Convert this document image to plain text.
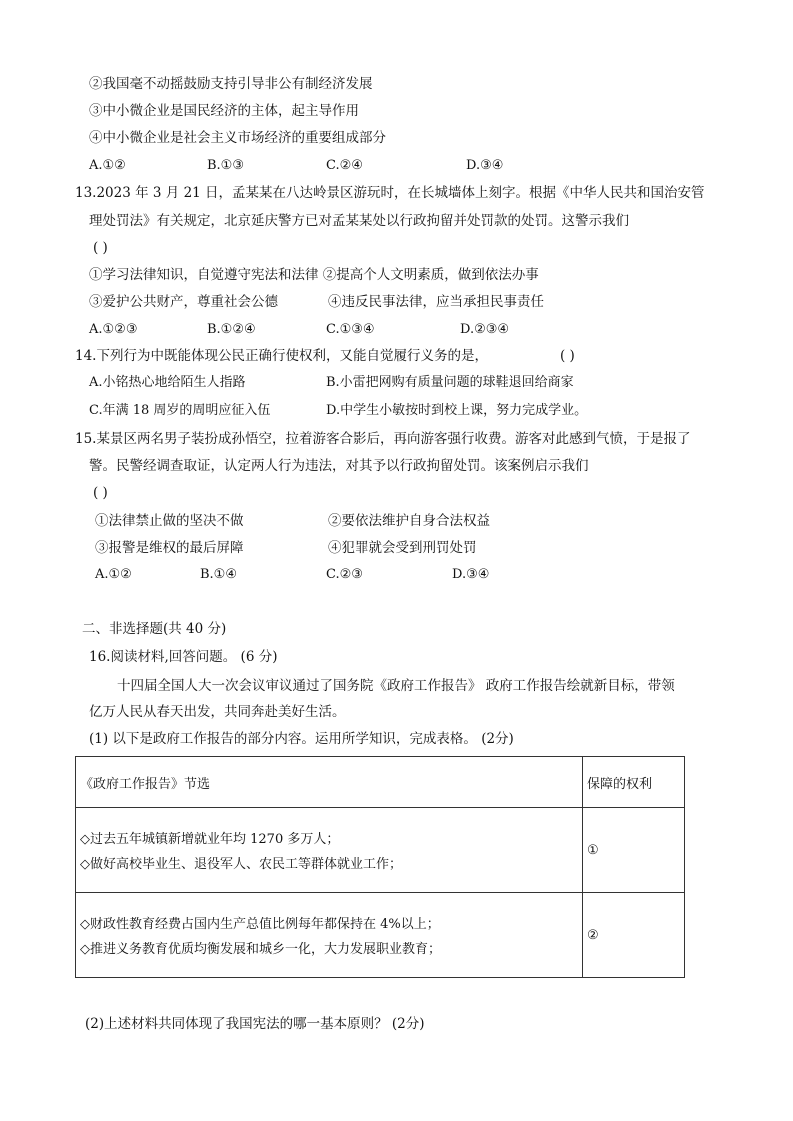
②我国毫不动摇鼓励支持引导非公有制经济发展
③中小微企业是国民经济的主体，起主导作用
④中小微企业是社会主义市场经济的重要组成部分
A.①②	B.①③	C.②④	D.③④
13.2023 年 3 月 21 日，孟某某在八达岭景区游玩时，在长城墙体上刻字。根据《中华人民共和国治安管
理处罚法》有关规定，北京延庆警方已对孟某某处以行政拘留并处罚款的处罚。这警示我们
( )
①学习法律知识，自觉遵守宪法和法律 ②提高个人文明素质，做到依法办事
③爱护公共财产，尊重社会公德	④违反民事法律，应当承担民事责任
A.①②③	B.①②④	C.①③④	D.②③④
14.下列行为中既能体现公民正确行使权利，又能自觉履行义务的是，	( )
A.小铭热心地给陌生人指路	B.小雷把网购有质量问题的球鞋退回给商家
C.年满 18 周岁的周明应征入伍	D.中学生小敏按时到校上课，努力完成学业。
15.某景区两名男子装扮成孙悟空，拉着游客合影后，再向游客强行收费。游客对此感到气愤，于是报了
警。民警经调查取证，认定两人行为违法，对其予以行政拘留处罚。该案例启示我们
( )
①法律禁止做的坚决不做	②要依法维护自身合法权益
③报警是维权的最后屏障	④犯罪就会受到刑罚处罚
A.①②	B.①④	C.②③	D.③④
二、非选择题(共 40 分)
16.阅读材料,回答问题。 (6 分)
十四届全国人大一次会议审议通过了国务院《政府工作报告》 政府工作报告绘就新目标，带领
亿万人民从春天出发，共同奔赴美好生活。
(1) 以下是政府工作报告的部分内容。运用所学知识，完成表格。 (2分)
《政府工作报告》节选	保障的权利

◇过去五年城镇新增就业年均 1270 多万人；

◇做好高校毕业生、退役军人、农民工等群体就业工作；	①

◇财政性教育经费占国内生产总值比例每年都保持在 4%以上；

◇推进义务教育优质均衡发展和城乡一化，大力发展职业教育；	②
(2)上述材料共同体现了我国宪法的哪一基本原则？ (2分)
